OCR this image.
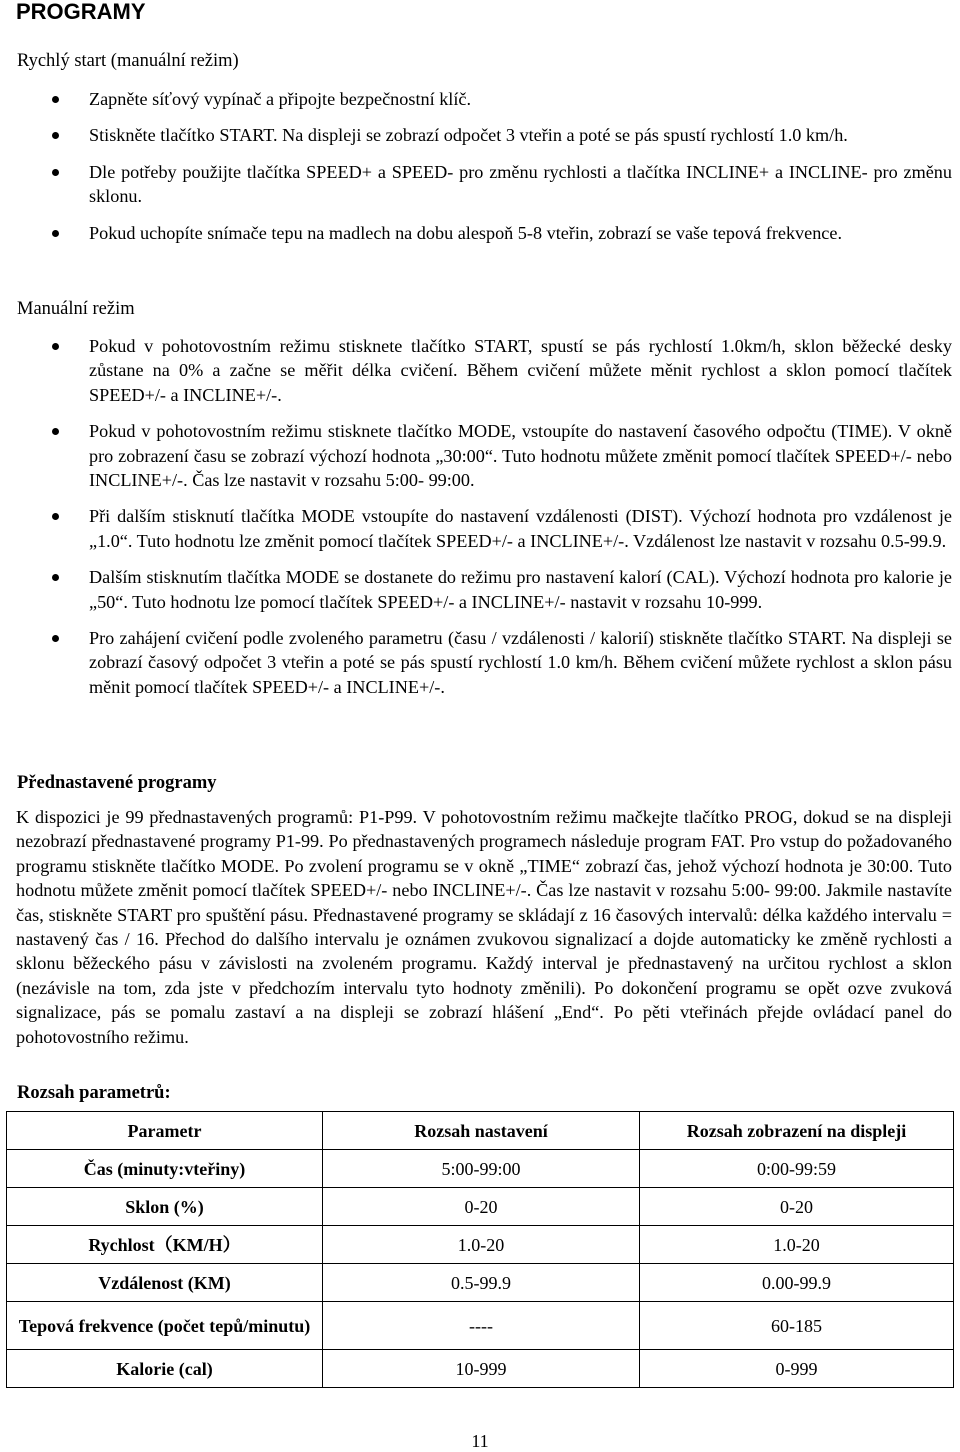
PROGRAMY
Rychlý start (manuální režim)
Zapněte síťový vypínač a připojte bezpečnostní klíč.
Stiskněte tlačítko START. Na displeji se zobrazí odpočet 3 vteřin a poté se pás spustí rychlostí 1.0 km/h.
Dle potřeby použijte tlačítka SPEED+ a SPEED- pro změnu rychlosti a tlačítka INCLINE+ a INCLINE- pro změnu sklonu.
Pokud uchopíte snímače tepu na madlech na dobu alespoň 5-8 vteřin, zobrazí se vaše tepová frekvence.
Manuální režim
Pokud v pohotovostním režimu stisknete tlačítko START, spustí se pás rychlostí 1.0km/h, sklon běžecké desky zůstane na 0% a začne se měřit délka cvičení. Během cvičení můžete měnit rychlost a sklon pomocí tlačítek SPEED+/- a INCLINE+/-.
Pokud v pohotovostním režimu stisknete tlačítko MODE, vstoupíte do nastavení časového odpočtu (TIME). V okně pro zobrazení času se zobrazí výchozí hodnota „30:00“. Tuto hodnotu můžete změnit pomocí tlačítek SPEED+/- nebo INCLINE+/-. Čas lze nastavit v rozsahu 5:00- 99:00.
Při dalším stisknutí tlačítka MODE vstoupíte do nastavení vzdálenosti (DIST). Výchozí hodnota pro vzdálenost je „1.0“. Tuto hodnotu lze změnit pomocí tlačítek SPEED+/- a INCLINE+/-. Vzdálenost lze nastavit v rozsahu 0.5-99.9.
Dalším stisknutím tlačítka MODE se dostanete do režimu pro nastavení kalorí (CAL). Výchozí hodnota pro kalorie je „50“. Tuto hodnotu lze pomocí tlačítek SPEED+/- a INCLINE+/- nastavit v rozsahu 10-999.
Pro zahájení cvičení podle zvoleného parametru (času / vzdálenosti / kalorií) stiskněte tlačítko START. Na displeji se zobrazí časový odpočet 3 vteřin a poté se pás spustí rychlostí 1.0 km/h. Během cvičení můžete rychlost a sklon pásu měnit pomocí tlačítek SPEED+/- a INCLINE+/-.
Přednastavené programy

K dispozici je 99 přednastavených programů: P1-P99. V pohotovostním režimu mačkejte tlačítko PROG, dokud se na displeji nezobrazí přednastavené programy P1-99. Po přednastavených programech následuje program FAT. Pro vstup do požadovaného programu stiskněte tlačítko MODE. Po zvolení programu se v okně „TIME“ zobrazí čas, jehož výchozí hodnota je 30:00. Tuto hodnotu můžete změnit pomocí tlačítek SPEED+/- nebo INCLINE+/-. Čas lze nastavit v rozsahu 5:00- 99:00. Jakmile nastavíte čas, stiskněte START pro spuštění pásu. Přednastavené programy se skládají z 16 časových intervalů: délka každého intervalu = nastavený čas / 16. Přechod do dalšího intervalu je oznámen zvukovou signalizací a dojde automaticky ke změně rychlosti a sklonu běžeckého pásu v závislosti na zvoleném programu. Každý interval je přednastavený na určitou rychlost a sklon (nezávisle na tom, zda jste v předchozím intervalu tyto hodnoty změnili). Po dokončení programu se opět ozve zvuková signalizace, pás se pomalu zastaví a na displeji se zobrazí hlášení „End“. Po pěti vteřinách přejde ovládací panel do pohotovostního režimu.

Rozsah parametrů:
Parametr	Rozsah nastavení	Rozsah zobrazení na displeji
Čas (minuty:vteřiny)	5:00-99:00	0:00-99:59
Sklon (%)	0-20	0-20
Rychlost（KM/H）	1.0-20	1.0-20
Vzdálenost (KM)	0.5-99.9	0.00-99.9
Tepová frekvence (počet tepů/minutu)	----	60-185
Kalorie (cal)	10-999	0-999
11
